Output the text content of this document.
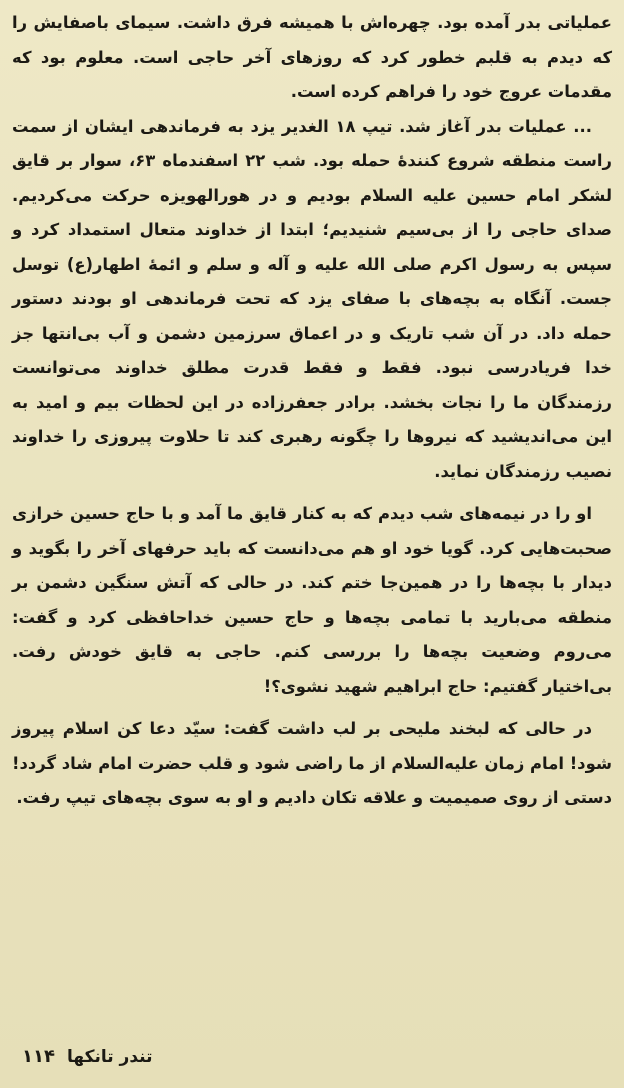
عملیاتی بدر آمده بود. چهره‌اش با همیشه فرق داشت. سیمای باصفایش را که دیدم به قلبم خطور کرد که روزهای آخر حاجی است. معلوم بود که مقدمات عروج خود را فراهم کرده است.

... عملیات بدر آغاز شد. تیپ ۱۸ الغدیر یزد به فرماندهی ایشان از سمت راست منطقه شروع کنندهٔ حمله بود. شب ۲۲ اسفندماه ۶۳، سوار بر قایق لشکر امام حسین علیه السلام بودیم و در هورالهویزه حرکت می‌کردیم. صدای حاجی را از بی‌سیم شنیدیم؛ ابتدا از خداوند متعال استمداد کرد و سپس به رسول اکرم صلی الله علیه و آله و سلم و ائمهٔ اطهار(ع) توسل جست. آنگاه به بچه‌های با صفای یزد که تحت فرماندهی او بودند دستور حمله داد. در آن شب تاریک و در اعماق سرزمین دشمن و آب بی‌انتها جز خدا فریادرسی نبود. فقط و فقط قدرت مطلق خداوند می‌توانست رزمندگان ما را نجات بخشد. برادر جعفرزاده در این لحظات بیم و امید به این می‌اندیشید که نیروها را چگونه رهبری کند تا حلاوت پیروزی را خداوند نصیب رزمندگان نماید.

او را در نیمه‌های شب دیدم که به کنار قایق ما آمد و با حاج حسین خرازی صحبت‌هایی کرد. گویا خود او هم می‌دانست که باید حرفهای آخر را بگوید و دیدار با بچه‌ها را در همین‌جا ختم کند. در حالی که آتش سنگین دشمن بر منطقه می‌بارید با تمامی بچه‌ها و حاج حسین خداحافظی کرد و گفت: می‌روم وضعیت بچه‌ها را بررسی کنم. حاجی به قایق خودش رفت. بی‌اختیار گفتیم: حاج ابراهیم شهید نشوی؟!

در حالی که لبخند ملیحی بر لب داشت گفت: سیّد دعا کن اسلام پیروز شود! امام زمان علیه‌السلام از ما راضی شود و قلب حضرت امام شاد گردد! دستی از روی صمیمیت و علاقه تکان دادیم و او به سوی بچه‌های تیپ رفت.

تندر تانکها
۱۱۴
